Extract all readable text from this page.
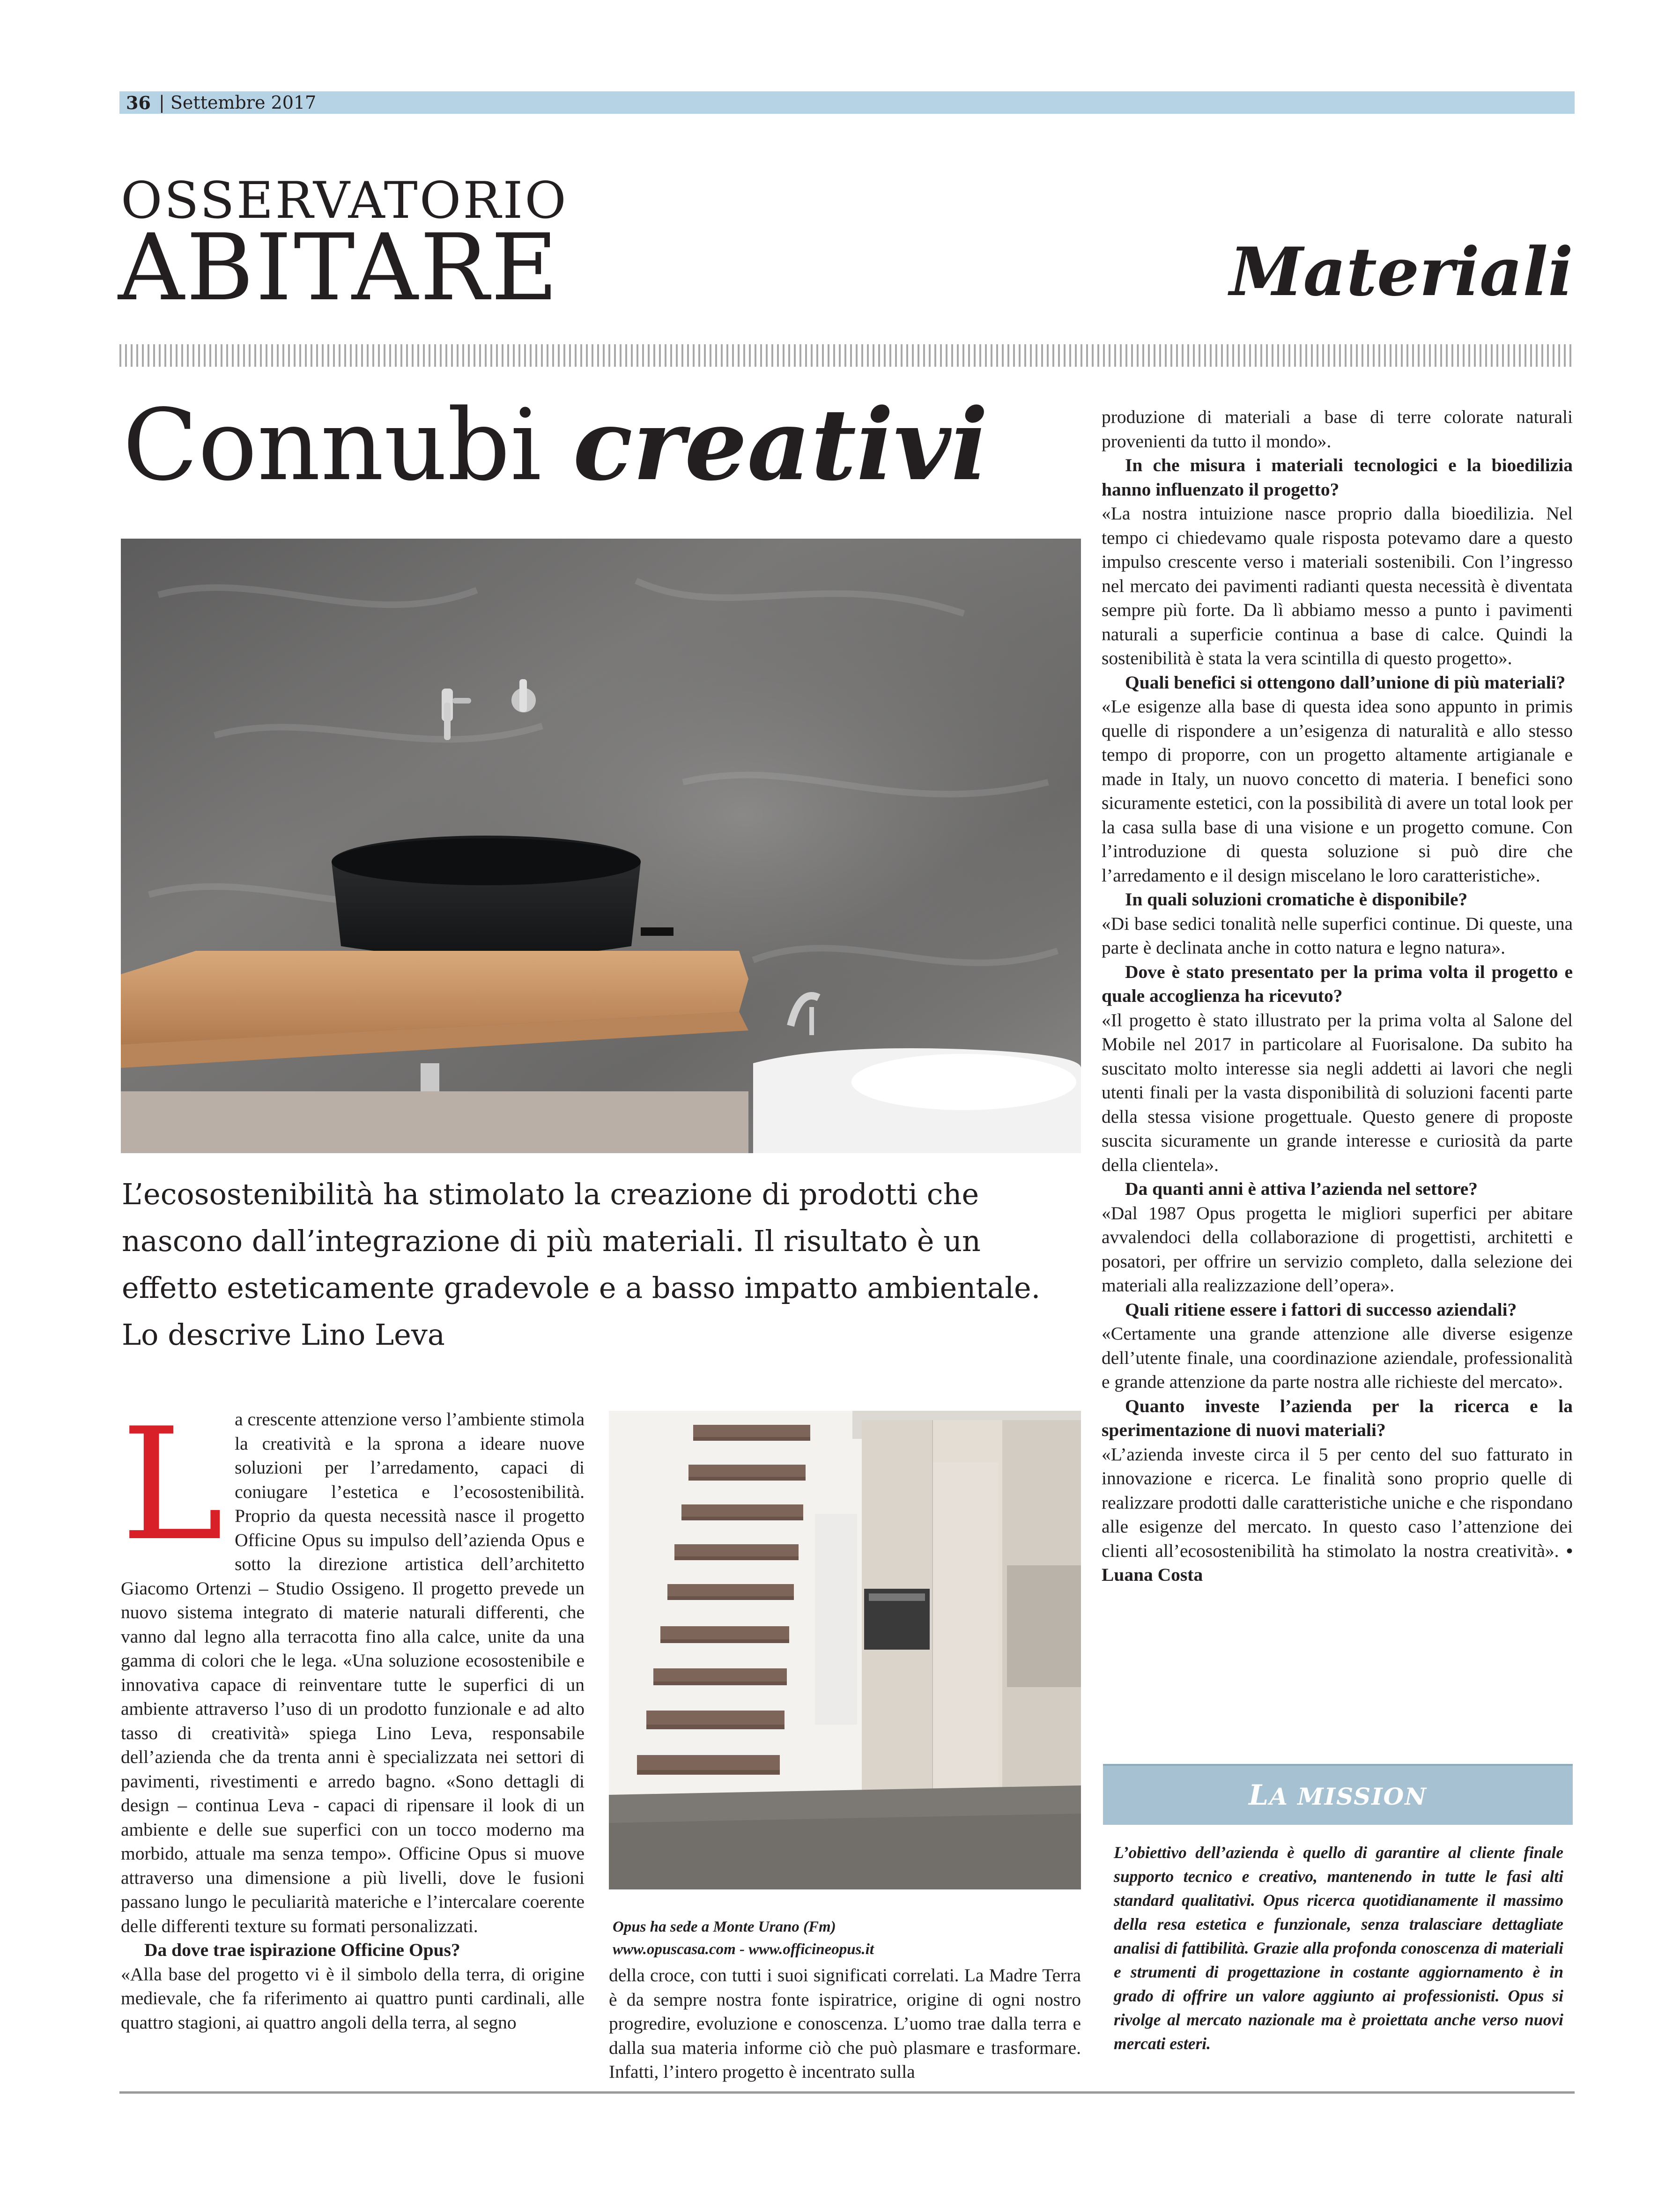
36 | Settembre 2017
OSSERVATORIO
ABITARE	Materiali
Connubi creativi
L’ecosostenibilità ha stimolato la creazione di prodotti che nascono dall’integrazione di più materiali. Il risultato è un effetto esteticamente gradevole e a basso impatto ambientale. Lo descrive Lino Leva

La crescente attenzione verso l’ambiente stimola la creatività e la sprona a ideare nuove soluzioni per l’arredamento, capaci di coniugare l’estetica e l’ecosostenibilità. Proprio da questa necessità nasce il progetto Officine Opus su impulso dell’azienda Opus e sotto la direzione artistica dell’architetto Giacomo Ortenzi – Studio Ossigeno. Il progetto prevede un nuovo sistema integrato di materie naturali differenti, che vanno dal legno alla terracotta fino alla calce, unite da una gamma di colori che le lega. «Una soluzione ecosostenibile e innovativa capace di reinventare tutte le superfici di un ambiente attraverso l’uso di un prodotto funzionale e ad alto tasso di creatività» spiega Lino Leva, responsabile dell’azienda che da trenta anni è specializzata nei settori di pavimenti, rivestimenti e arredo bagno. «Sono dettagli di design – continua Leva - capaci di ripensare il look di un ambiente e delle sue superfici con un tocco moderno ma morbido, attuale ma senza tempo». Officine Opus si muove attraverso una dimensione a più livelli, dove le fusioni passano lungo le peculiarità materiche e l’intercalare coerente delle differenti texture su formati personalizzati.

Da dove trae ispirazione Officine Opus?

«Alla base del progetto vi è il simbolo della terra, di origine medievale, che fa riferimento ai quattro punti cardinali, alle quattro stagioni, ai quattro angoli della terra, al segno

Opus ha sede a Monte Urano (Fm)
www.opuscasa.com - www.officineopus.it

della croce, con tutti i suoi significati correlati. La Madre Terra è da sempre nostra fonte ispiratrice, origine di ogni nostro progredire, evoluzione e conoscenza. L’uomo trae dalla terra e dalla sua materia informe ciò che può plasmare e trasformare. Infatti, l’intero progetto è incentrato sulla

produzione di materiali a base di terre colorate naturali provenienti da tutto il mondo».

In che misura i materiali tecnologici e la bioedilizia hanno influenzato il progetto?

«La nostra intuizione nasce proprio dalla bioedilizia. Nel tempo ci chiedevamo quale risposta potevamo dare a questo impulso crescente verso i materiali sostenibili. Con l’ingresso nel mercato dei pavimenti radianti questa necessità è diventata sempre più forte. Da lì abbiamo messo a punto i pavimenti naturali a superficie continua a base di calce. Quindi la sostenibilità è stata la vera scintilla di questo progetto».

Quali benefici si ottengono dall’unione di più materiali?

«Le esigenze alla base di questa idea sono appunto in primis quelle di rispondere a un’esigenza di naturalità e allo stesso tempo di proporre, con un progetto altamente artigianale e made in Italy, un nuovo concetto di materia. I benefici sono sicuramente estetici, con la possibilità di avere un total look per la casa sulla base di una visione e un progetto comune. Con l’introduzione di questa soluzione si può dire che l’arredamento e il design miscelano le loro caratteristiche».

In quali soluzioni cromatiche è disponibile?

«Di base sedici tonalità nelle superfici continue. Di queste, una parte è declinata anche in cotto natura e legno natura».

Dove è stato presentato per la prima volta il progetto e quale accoglienza ha ricevuto?

«Il progetto è stato illustrato per la prima volta al Salone del Mobile nel 2017 in particolare al Fuorisalone. Da subito ha suscitato molto interesse sia negli addetti ai lavori che negli utenti finali per la vasta disponibilità di soluzioni facenti parte della stessa visione progettuale. Questo genere di proposte suscita sicuramente un grande interesse e curiosità da parte della clientela».

Da quanti anni è attiva l’azienda nel settore?

«Dal 1987 Opus progetta le migliori superfici per abitare avvalendoci della collaborazione di progettisti, architetti e posatori, per offrire un servizio completo, dalla selezione dei materiali alla realizzazione dell’opera».

Quali ritiene essere i fattori di successo aziendali?

«Certamente una grande attenzione alle diverse esigenze dell’utente finale, una coordinazione aziendale, professionalità e grande attenzione da parte nostra alle richieste del mercato».

Quanto investe l’azienda per la ricerca e la sperimentazione di nuovi materiali?

«L’azienda investe circa il 5 per cento del suo fatturato in innovazione e ricerca. Le finalità sono proprio quelle di realizzare prodotti dalle caratteristiche uniche e che rispondano alle esigenze del mercato. In questo caso l’attenzione dei clienti all’ecosostenibilità ha stimolato la nostra creatività». • Luana Costa

LA MISSION

L’obiettivo dell’azienda è quello di garantire al cliente finale supporto tecnico e creativo, mantenendo in tutte le fasi alti standard qualitativi. Opus ricerca quotidianamente il massimo della resa estetica e funzionale, senza tralasciare dettagliate analisi di fattibilità. Grazie alla profonda conoscenza di materiali e strumenti di progettazione in costante aggiornamento è in grado di offrire un valore aggiunto ai professionisti. Opus si rivolge al mercato nazionale ma è proiettata anche verso nuovi mercati esteri.
